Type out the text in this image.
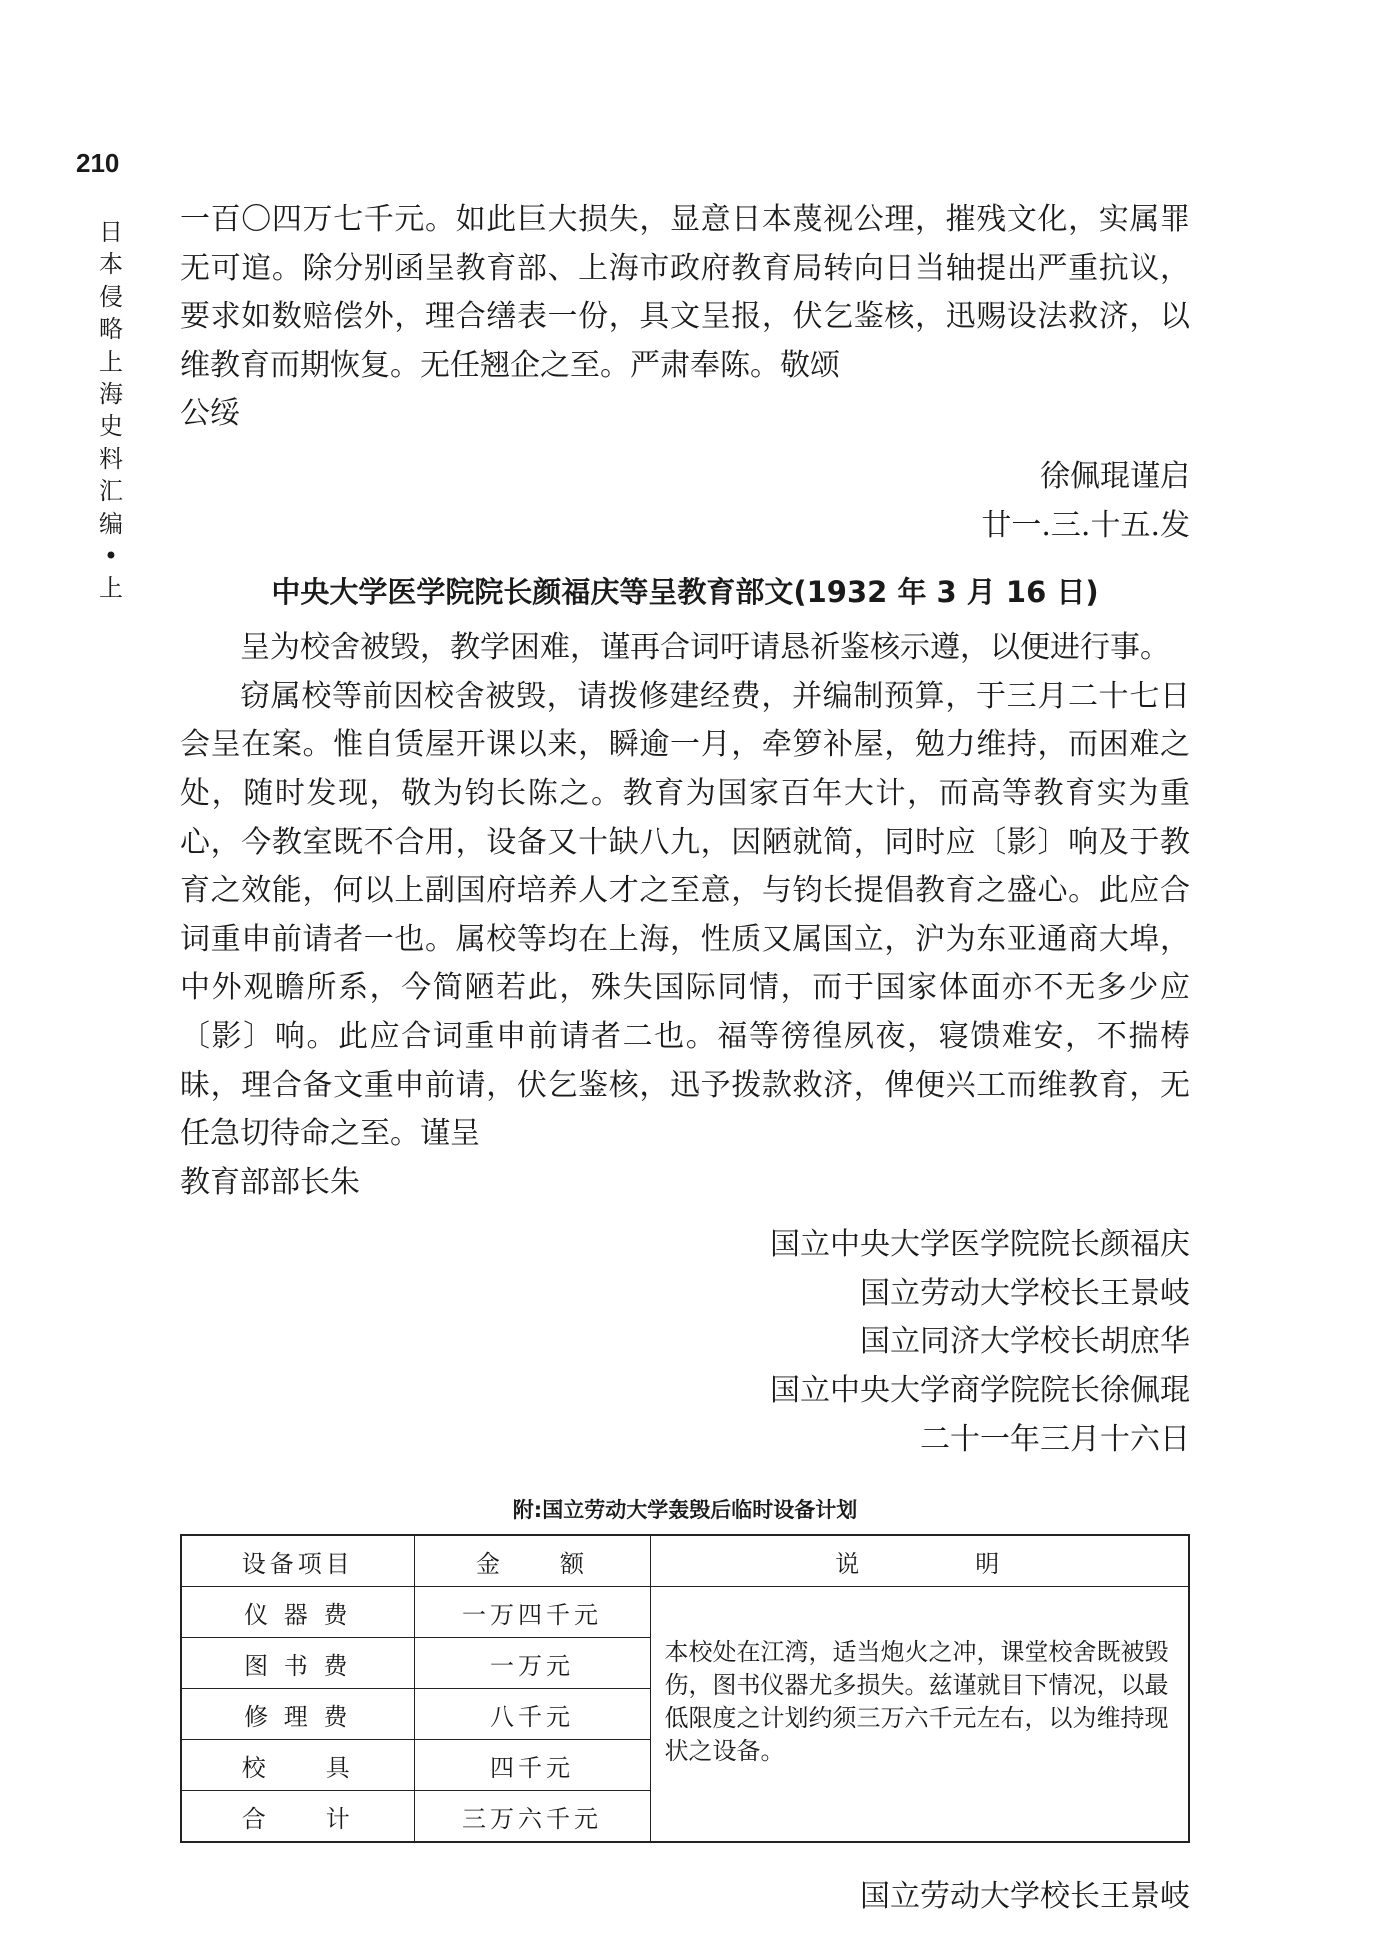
210
日本侵略上海史料汇编•上

一百〇四万七千元。如此巨大损失，显意日本蔑视公理，摧残文化，实属罪无可逭。除分别函呈教育部、上海市政府教育局转向日当轴提出严重抗议，要求如数赔偿外，理合缮表一份，具文呈报，伏乞鉴核，迅赐设法救济，以维教育而期恢复。无任翘企之至。严肃奉陈。敬颂

公绥

徐佩琨谨启

廿一.三.十五.发

中央大学医学院院长颜福庆等呈教育部文(1932 年 3 月 16 日)

呈为校舍被毁，教学困难，谨再合词吁请恳祈鉴核示遵，以便进行事。

窃属校等前因校舍被毁，请拨修建经费，并编制预算，于三月二十七日会呈在案。惟自赁屋开课以来，瞬逾一月，牵箩补屋，勉力维持，而困难之处，随时发现，敬为钧长陈之。教育为国家百年大计，而高等教育实为重心，今教室既不合用，设备又十缺八九，因陋就简，同时应〔影〕响及于教育之效能，何以上副国府培养人才之至意，与钧长提倡教育之盛心。此应合词重申前请者一也。属校等均在上海，性质又属国立，沪为东亚通商大埠，中外观瞻所系，今简陋若此，殊失国际同情，而于国家体面亦不无多少应〔影〕响。此应合词重申前请者二也。福等徬徨夙夜，寝馈难安，不揣梼昧，理合备文重申前请，伏乞鉴核，迅予拨款救济，俾便兴工而维教育，无任急切待命之至。谨呈

教育部部长朱

国立中央大学医学院院长颜福庆

国立劳动大学校长王景岐

国立同济大学校长胡庶华

国立中央大学商学院院长徐佩琨

二十一年三月十六日

附:国立劳动大学轰毁后临时设备计划
设备项目	金　　额	说　　　　明
仪 器 费	一万四千元	本校处在江湾，适当炮火之冲，课堂校舍既被毁伤，图书仪器尤多损失。兹谨就目下情况，以最低限度之计划约须三万六千元左右，以为维持现状之设备。
图 书 费	一万元	
修 理 费	八千元	
校　　具	四千元	
合　　计	三万六千元	

国立劳动大学校长王景岐
